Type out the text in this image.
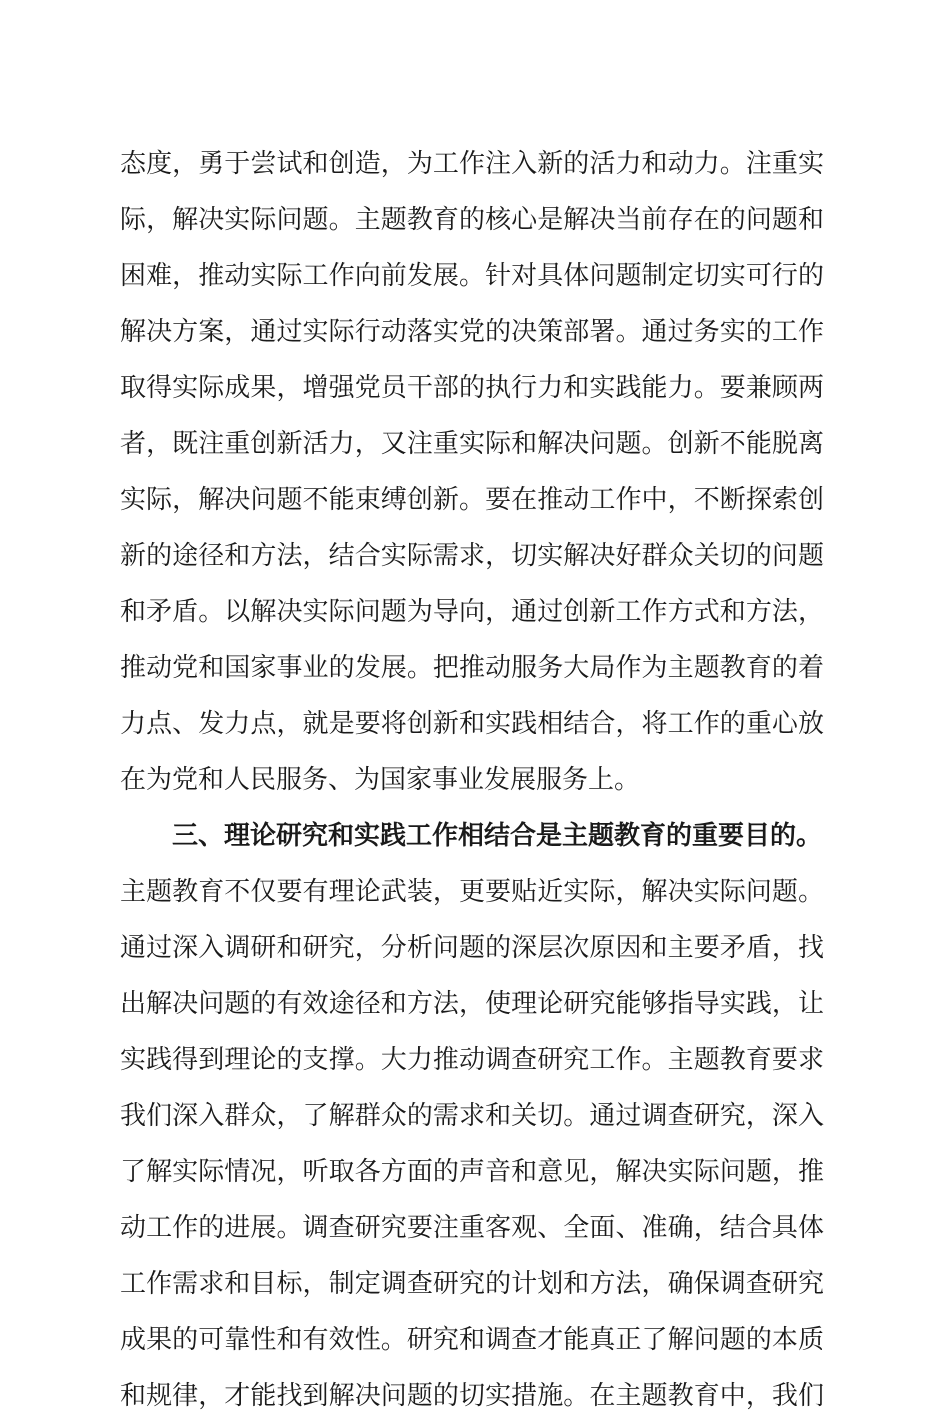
态度，勇于尝试和创造，为工作注入新的活力和动力。注重实
际，解决实际问题。主题教育的核心是解决当前存在的问题和
困难，推动实际工作向前发展。针对具体问题制定切实可行的
解决方案，通过实际行动落实党的决策部署。通过务实的工作
取得实际成果，增强党员干部的执行力和实践能力。要兼顾两
者，既注重创新活力，又注重实际和解决问题。创新不能脱离
实际，解决问题不能束缚创新。要在推动工作中，不断探索创
新的途径和方法，结合实际需求，切实解决好群众关切的问题
和矛盾。以解决实际问题为导向，通过创新工作方式和方法，
推动党和国家事业的发展。把推动服务大局作为主题教育的着
力点、发力点，就是要将创新和实践相结合，将工作的重心放
在为党和人民服务、为国家事业发展服务上。
三、理论研究和实践工作相结合是主题教育的重要目的。
主题教育不仅要有理论武装，更要贴近实际，解决实际问题。
通过深入调研和研究，分析问题的深层次原因和主要矛盾，找
出解决问题的有效途径和方法，使理论研究能够指导实践，让
实践得到理论的支撑。大力推动调查研究工作。主题教育要求
我们深入群众，了解群众的需求和关切。通过调查研究，深入
了解实际情况，听取各方面的声音和意见，解决实际问题，推
动工作的进展。调查研究要注重客观、全面、准确，结合具体
工作需求和目标，制定调查研究的计划和方法，确保调查研究
成果的可靠性和有效性。研究和调查才能真正了解问题的本质
和规律，才能找到解决问题的切实措施。在主题教育中，我们
